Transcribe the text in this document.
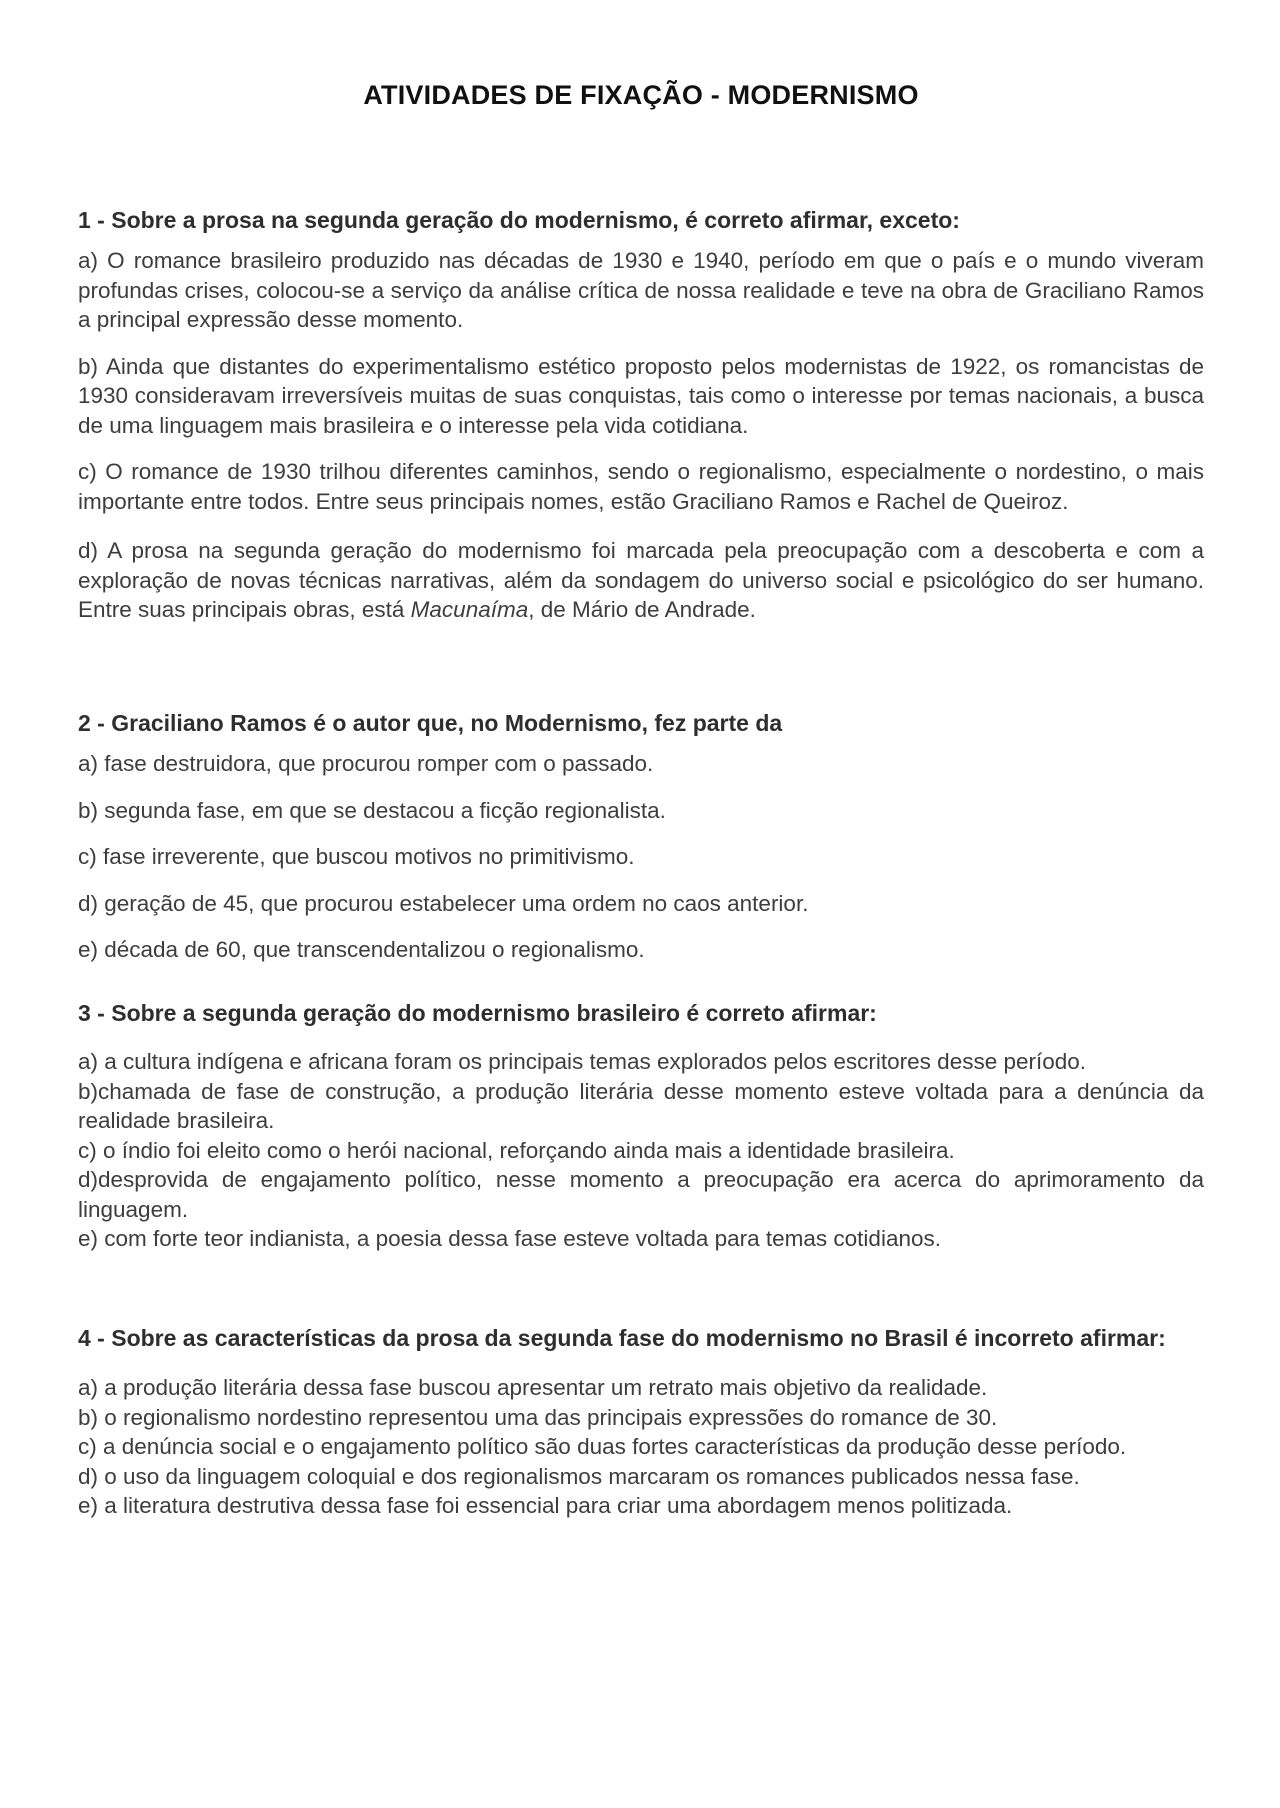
ATIVIDADES DE FIXAÇÃO - MODERNISMO

1 - Sobre a prosa na segunda geração do modernismo, é correto afirmar, exceto:

a) O romance brasileiro produzido nas décadas de 1930 e 1940, período em que o país e o mundo viveram profundas crises, colocou-se a serviço da análise crítica de nossa realidade e teve na obra de Graciliano Ramos a principal expressão desse momento.

b) Ainda que distantes do experimentalismo estético proposto pelos modernistas de 1922, os romancistas de 1930 consideravam irreversíveis muitas de suas conquistas, tais como o interesse por temas nacionais, a busca de uma linguagem mais brasileira e o interesse pela vida cotidiana.

c) O romance de 1930 trilhou diferentes caminhos, sendo o regionalismo, especialmente o nordestino, o mais importante entre todos. Entre seus principais nomes, estão Graciliano Ramos e Rachel de Queiroz.

d) A prosa na segunda geração do modernismo foi marcada pela preocupação com a descoberta e com a exploração de novas técnicas narrativas, além da sondagem do universo social e psicológico do ser humano. Entre suas principais obras, está Macunaíma, de Mário de Andrade.

2 - Graciliano Ramos é o autor que, no Modernismo, fez parte da

a) fase destruidora, que procurou romper com o passado.

b) segunda fase, em que se destacou a ficção regionalista.

c) fase irreverente, que buscou motivos no primitivismo.

d) geração de 45, que procurou estabelecer uma ordem no caos anterior.

e) década de 60, que transcendentalizou o regionalismo.

3 - Sobre a segunda geração do modernismo brasileiro é correto afirmar:

a) a cultura indígena e africana foram os principais temas explorados pelos escritores desse período.

b)chamada de fase de construção, a produção literária desse momento esteve voltada para a denúncia da realidade brasileira.

c) o índio foi eleito como o herói nacional, reforçando ainda mais a identidade brasileira.

d)desprovida de engajamento político, nesse momento a preocupação era acerca do aprimoramento da linguagem.

e) com forte teor indianista, a poesia dessa fase esteve voltada para temas cotidianos.

4 - Sobre as características da prosa da segunda fase do modernismo no Brasil é incorreto afirmar:

a) a produção literária dessa fase buscou apresentar um retrato mais objetivo da realidade.

b) o regionalismo nordestino representou uma das principais expressões do romance de 30.

c) a denúncia social e o engajamento político são duas fortes características da produção desse período.

d) o uso da linguagem coloquial e dos regionalismos marcaram os romances publicados nessa fase.

e) a literatura destrutiva dessa fase foi essencial para criar uma abordagem menos politizada.
